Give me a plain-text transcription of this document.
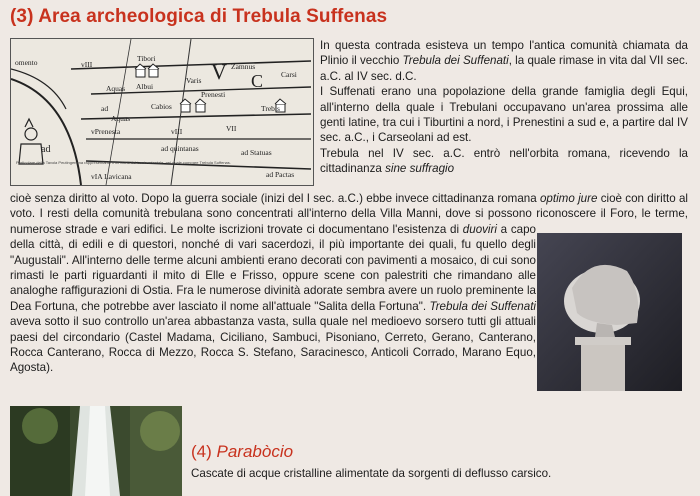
(3) Area archeologica di Trebula Suffenas
V C
ad
omento	vIII
Tibori
Varis
Zamnus
Carsi
Aquas Albui
Cabios
Prenesti
Trebis
ad
Aquas
VII
vPrenesta	vIII
ad quintanas	ad Statuas
vIA Lavicana	ad Pactas
Particolare della Tavola Peutingeriana rappresentante il territorio del Lazio orientale, nel quale compare Trebula Suffenas.

In questa contrada esisteva un tempo l'antica comunità chiamata da Plinio il vecchio Trebula dei Suffenati, la quale rimase in vita dal VII sec. a.C. al IV sec. d.C.

I Suffenati erano una popolazione della grande famiglia degli Equi, all'interno della quale i Trebulani occupavano un'area prossima alle genti latine, tra cui i Tiburtini a nord, i Prenestini a sud e, a partire dal IV sec. a.C., i Carseolani ad est.

Trebula nel IV sec. a.C. entrò nell'orbita romana, ricevendo la cittadinanza sine suffragio

(4) Parabòcio
Cascate di acque cristalline alimentate da sorgenti di deflusso carsico.

cioè senza diritto al voto. Dopo la guerra sociale (inizi del I sec. a.C.) ebbe invece cittadinanza romana optimo jure cioè con diritto al voto. I resti della comunità trebulana sono concentrati all'interno della Villa Manni, dove si possono riconoscere il Foro, le terme, numerose strade e vari edifici. Le molte iscrizioni trovate ci documentano l'esistenza di duoviri a capo della città, di edili e di questori, nonché di vari sacerdozi, il più importante dei quali, fu quello degli "Augustali". All'interno delle terme alcuni ambienti erano decorati con pavimenti a mosaico, di cui sono rimasti le parti riguardanti il mito di Elle e Frisso, oppure scene con palestriti che rimandano alle analoghe raffigurazioni di Ostia. Fra le numerose divinità adorate sembra avere un ruolo preminente la Dea Fortuna, che potrebbe aver lasciato il nome all'attuale "Salita della Fortuna". Trebula dei Suffenati aveva sotto il suo controllo un'area abbastanza vasta, sulla quale nel medioevo sorsero tutti gli attuali paesi del circondario (Castel Madama, Ciciliano, Sambuci, Pisoniano, Cerreto, Gerano, Canterano, Rocca Canterano, Rocca di Mezzo, Rocca S. Stefano, Saracinesco, Anticoli Corrado, Marano Equo, Agosta).
